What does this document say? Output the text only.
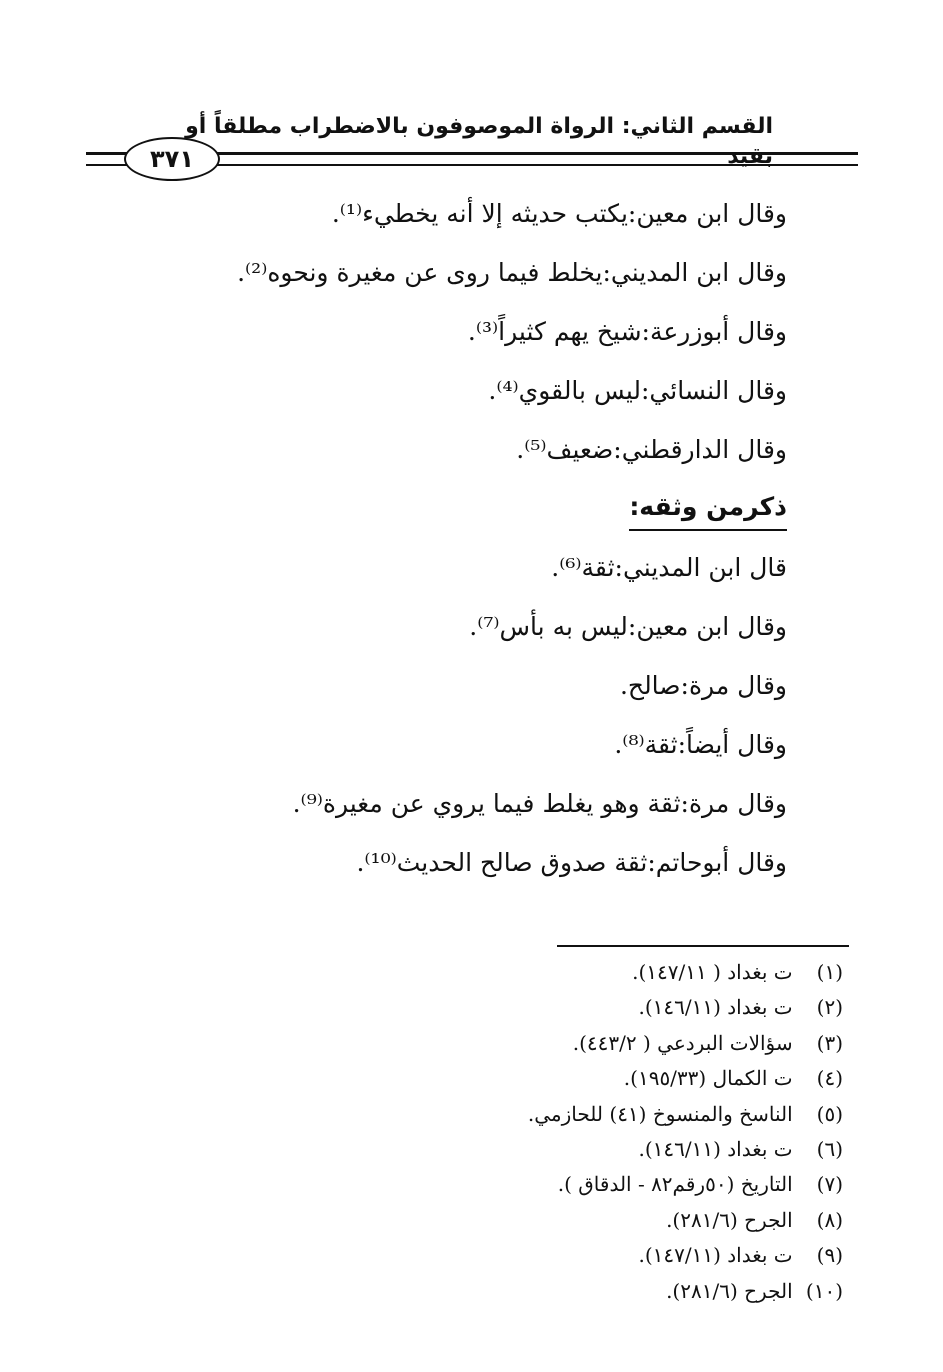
القسم الثاني: الرواة الموصوفون بالاضطراب مطلقاً أو بقيد
٣٧١
وقال ابن معين:يكتب حديثه إلا أنه يخطيء⁽¹⁾.
وقال ابن المديني:يخلط فيما روى عن مغيرة ونحوه⁽²⁾.
وقال أبوزرعة:شيخ يهم كثيراً⁽³⁾.
وقال النسائي:ليس بالقوي⁽⁴⁾.
وقال الدارقطني:ضعيف⁽⁵⁾.
ذكرمن وثقه:
قال ابن المديني:ثقة⁽⁶⁾.
وقال ابن معين:ليس به بأس⁽⁷⁾.
وقال مرة:صالح.
وقال أيضاً:ثقة⁽⁸⁾.
وقال مرة:ثقة وهو يغلط فيما يروي عن مغيرة⁽⁹⁾.
وقال أبوحاتم:ثقة صدوق صالح الحديث⁽¹⁰⁾.
(١) ت بغداد ( ١٤٧/١١).
(٢) ت بغداد (١٤٦/١١).
(٣) سؤالات البردعي ( ٤٤٣/٢).
(٤) ت الكمال (١٩٥/٣٣).
(٥) الناسخ والمنسوخ (٤١) للحازمي.
(٦) ت بغداد (١٤٦/١١).
(٧) التاريخ (٥٠رقم٨٢ - الدقاق ).
(٨) الجرح (٢٨١/٦).
(٩) ت بغداد (١٤٧/١١).
(١٠) الجرح (٢٨١/٦).
